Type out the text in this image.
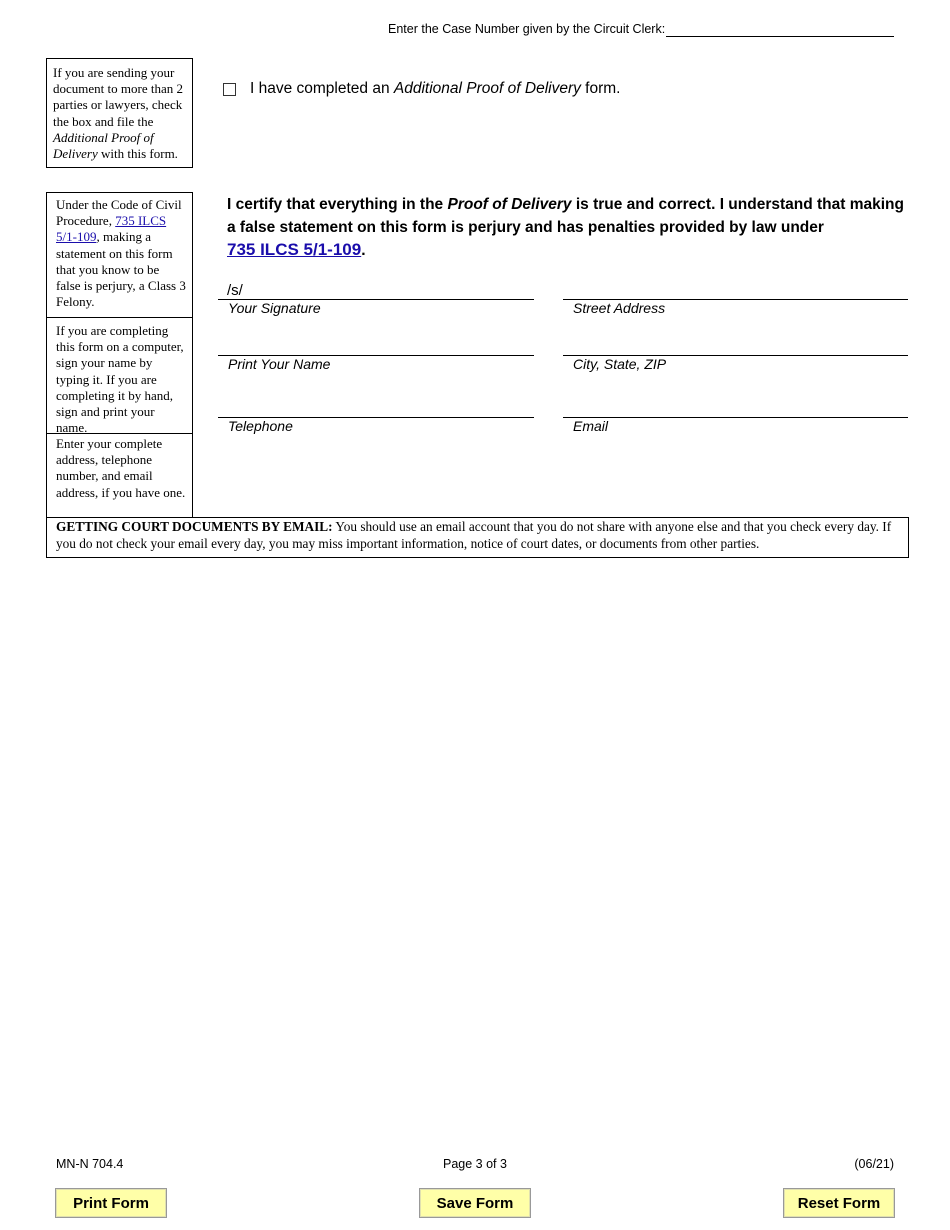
Enter the Case Number given by the Circuit Clerk:
If you are sending your document to more than 2 parties or lawyers, check the box and file the Additional Proof of Delivery with this form.
I have completed an Additional Proof of Delivery form.
Under the Code of Civil Procedure, 735 ILCS 5/1-109, making a statement on this form that you know to be false is perjury, a Class 3 Felony.
If you are completing this form on a computer, sign your name by typing it. If you are completing it by hand, sign and print your name.
Enter your complete address, telephone number, and email address, if you have one.
I certify that everything in the Proof of Delivery is true and correct. I understand that making a false statement on this form is perjury and has penalties provided by law under
735 ILCS 5/1-109.
/s/
Your Signature	Street Address
Print Your Name	City, State, ZIP
Telephone	Email
GETTING COURT DOCUMENTS BY EMAIL: You should use an email account that you do not share with anyone else and that you check every day. If you do not check your email every day, you may miss important information, notice of court dates, or documents from other parties.
MN-N 704.4	Page 3 of 3	(06/21)
Print Form	Save Form	Reset Form
